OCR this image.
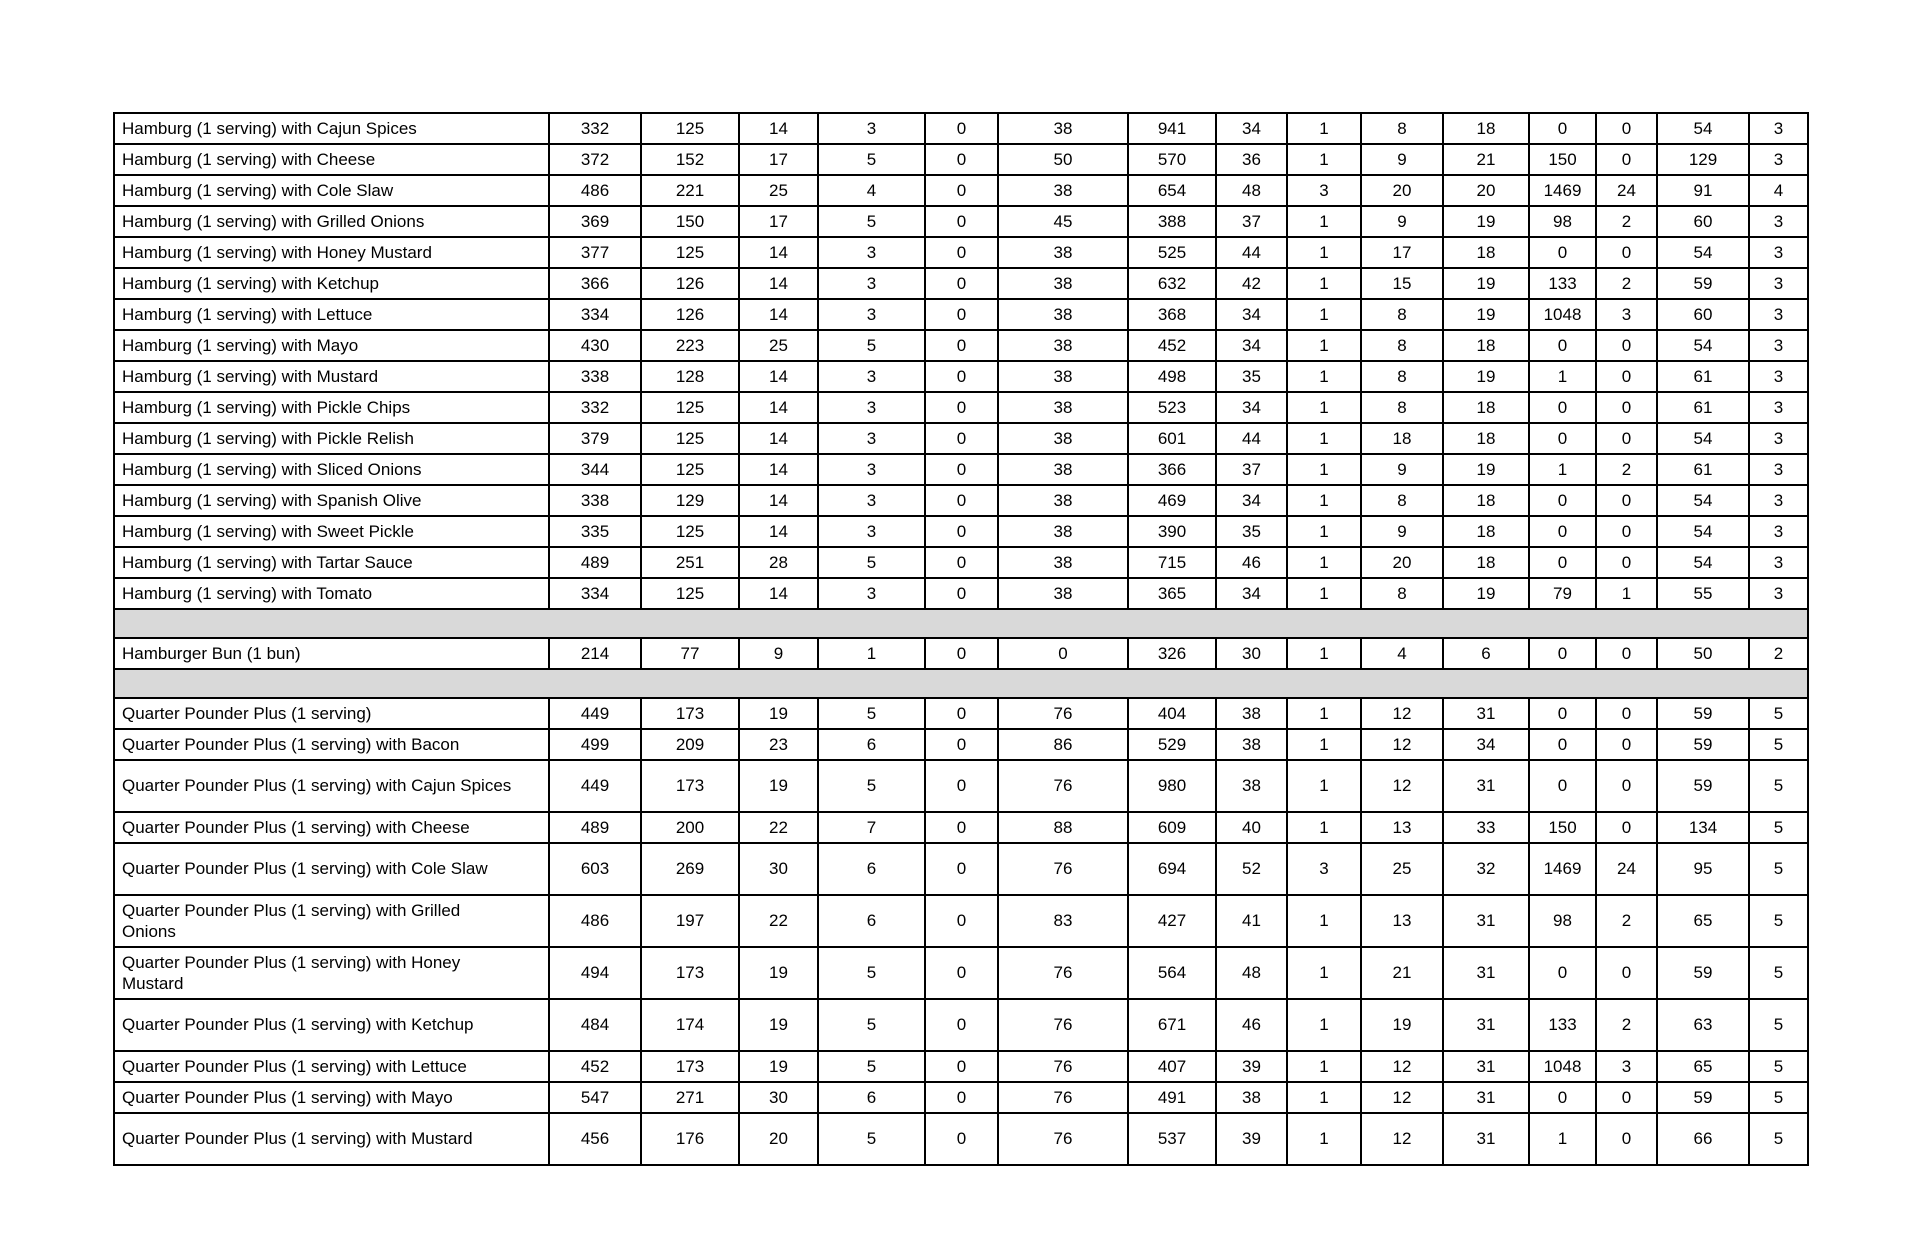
Hamburg (1 serving) with Cajun Spices	332	125	14	3	0	38	941	34	1	8	18	0	0	54	3
Hamburg (1 serving) with Cheese	372	152	17	5	0	50	570	36	1	9	21	150	0	129	3
Hamburg (1 serving) with Cole Slaw	486	221	25	4	0	38	654	48	3	20	20	1469	24	91	4
Hamburg (1 serving) with Grilled Onions	369	150	17	5	0	45	388	37	1	9	19	98	2	60	3
Hamburg (1 serving) with Honey Mustard	377	125	14	3	0	38	525	44	1	17	18	0	0	54	3
Hamburg (1 serving) with Ketchup	366	126	14	3	0	38	632	42	1	15	19	133	2	59	3
Hamburg (1 serving) with Lettuce	334	126	14	3	0	38	368	34	1	8	19	1048	3	60	3
Hamburg (1 serving) with Mayo	430	223	25	5	0	38	452	34	1	8	18	0	0	54	3
Hamburg (1 serving) with Mustard	338	128	14	3	0	38	498	35	1	8	19	1	0	61	3
Hamburg (1 serving) with Pickle Chips	332	125	14	3	0	38	523	34	1	8	18	0	0	61	3
Hamburg (1 serving) with Pickle Relish	379	125	14	3	0	38	601	44	1	18	18	0	0	54	3
Hamburg (1 serving) with Sliced Onions	344	125	14	3	0	38	366	37	1	9	19	1	2	61	3
Hamburg (1 serving) with Spanish Olive	338	129	14	3	0	38	469	34	1	8	18	0	0	54	3
Hamburg (1 serving) with Sweet Pickle	335	125	14	3	0	38	390	35	1	9	18	0	0	54	3
Hamburg (1 serving) with Tartar Sauce	489	251	28	5	0	38	715	46	1	20	18	0	0	54	3
Hamburg (1 serving) with Tomato	334	125	14	3	0	38	365	34	1	8	19	79	1	55	3

Hamburger Bun (1 bun)	214	77	9	1	0	0	326	30	1	4	6	0	0	50	2

Quarter Pounder Plus (1 serving)	449	173	19	5	0	76	404	38	1	12	31	0	0	59	5
Quarter Pounder Plus (1 serving) with Bacon	499	209	23	6	0	86	529	38	1	12	34	0	0	59	5
Quarter Pounder Plus (1 serving) with Cajun Spices	449	173	19	5	0	76	980	38	1	12	31	0	0	59	5
Quarter Pounder Plus (1 serving) with Cheese	489	200	22	7	0	88	609	40	1	13	33	150	0	134	5
Quarter Pounder Plus (1 serving) with Cole Slaw	603	269	30	6	0	76	694	52	3	25	32	1469	24	95	5
Quarter Pounder Plus (1 serving) with Grilled Onions	486	197	22	6	0	83	427	41	1	13	31	98	2	65	5
Quarter Pounder Plus (1 serving) with Honey Mustard	494	173	19	5	0	76	564	48	1	21	31	0	0	59	5
Quarter Pounder Plus (1 serving) with Ketchup	484	174	19	5	0	76	671	46	1	19	31	133	2	63	5
Quarter Pounder Plus (1 serving) with Lettuce	452	173	19	5	0	76	407	39	1	12	31	1048	3	65	5
Quarter Pounder Plus (1 serving) with Mayo	547	271	30	6	0	76	491	38	1	12	31	0	0	59	5
Quarter Pounder Plus (1 serving) with Mustard	456	176	20	5	0	76	537	39	1	12	31	1	0	66	5
